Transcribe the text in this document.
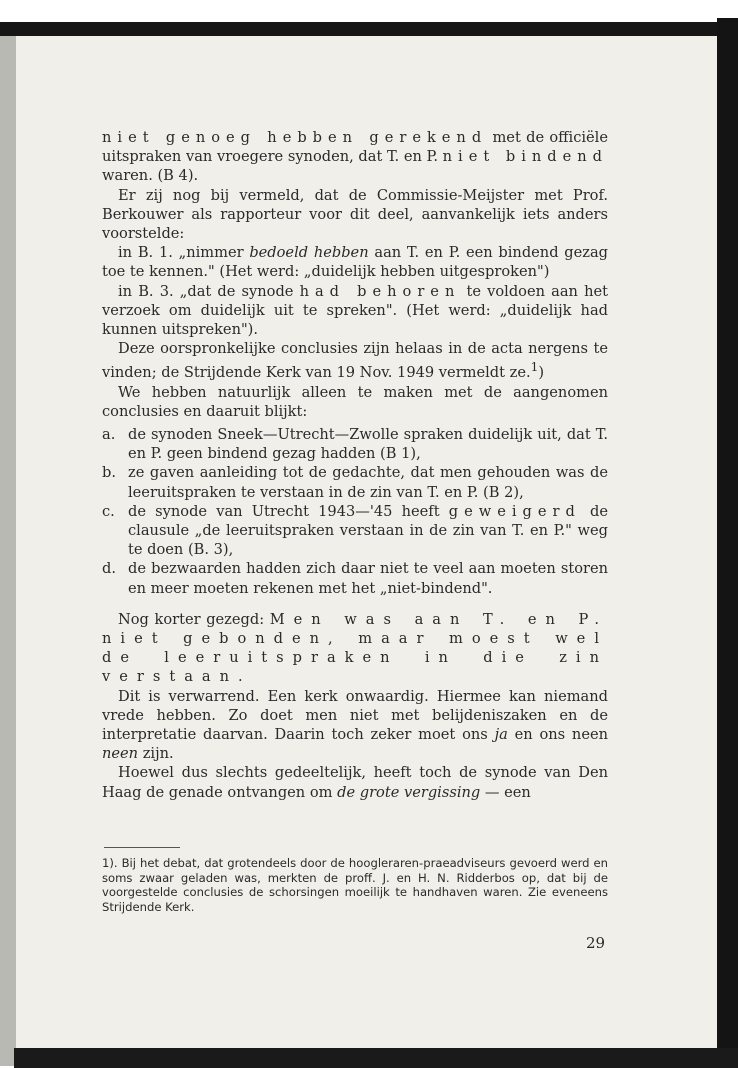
niet genoeg hebben gerekend met de officiële uitspraken van vroegere synoden, dat T. en P. niet bindend waren. (B 4).

Er zij nog bij vermeld, dat de Commissie-Meijster met Prof. Berkouwer als rapporteur voor dit deel, aanvankelijk iets anders voorstelde:

in B. 1. „nimmer bedoeld hebben aan T. en P. een bindend gezag toe te kennen." (Het werd: „duidelijk hebben uitgesproken")

in B. 3. „dat de synode had behoren te voldoen aan het verzoek om duidelijk uit te spreken". (Het werd: „duidelijk had kunnen uitspreken").

Deze oorspronkelijke conclusies zijn helaas in de acta nergens te vinden; de Strijdende Kerk van 19 Nov. 1949 vermeldt ze.$^1$)

We hebben natuurlijk alleen te maken met de aangenomen conclusies en daaruit blijkt:

a. de synoden Sneek—Utrecht—Zwolle spraken duidelijk uit, dat T. en P. geen bindend gezag hadden (B 1),
b. ze gaven aanleiding tot de gedachte, dat men gehouden was de leeruitspraken te verstaan in de zin van T. en P. (B 2),
c. de synode van Utrecht 1943—'45 heeft geweigerd de clausule „de leeruitspraken verstaan in de zin van T. en P." weg te doen (B. 3),
d. de bezwaarden hadden zich daar niet te veel aan moeten storen en meer moeten rekenen met het „niet-bindend".

Nog korter gezegd: Men was aan T. en P. niet gebonden, maar moest wel de leeruitspraken in die zin verstaan.

Dit is verwarrend. Een kerk onwaardig. Hiermee kan niemand vrede hebben. Zo doet men niet met belijdeniszaken en de interpretatie daarvan. Daarin toch zeker moet ons ja en ons neen neen zijn.

Hoewel dus slechts gedeeltelijk, heeft toch de synode van Den Haag de genade ontvangen om de grote vergissing — een

1). Bij het debat, dat grotendeels door de hoogleraren-praeadviseurs gevoerd werd en soms zwaar geladen was, merkten de proff. J. en H. N. Ridderbos op, dat bij de voorgestelde conclusies de schorsingen moeilijk te handhaven waren. Zie eveneens Strijdende Kerk.

29
